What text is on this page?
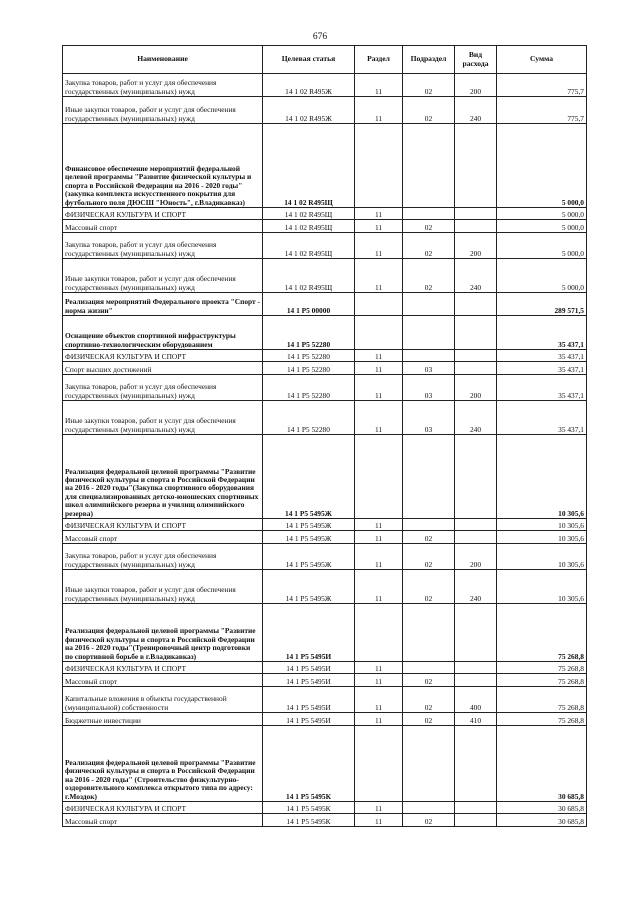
676
Наименование	Целевая статья	Раздел	Подраздел	Вид расхода	Сумма
Закупка товаров, работ и услуг для обеспечения государственных (муниципальных) нужд	14 1 02 R495Ж	11	02	200	775,7
Иные закупки товаров, работ и услуг для обеспечения государственных (муниципальных) нужд	14 1 02 R495Ж	11	02	240	775,7
Финансовое обеспечение мероприятий федеральной целевой программы "Развитие физической культуры и спорта в Российской Федерации на 2016 - 2020 годы" (закупка комплекта искусственного покрытия для футбольного поля ДЮСШ "Юность", г.Владикавказ)	14 1 02 R495Щ				5 000,0
ФИЗИЧЕСКАЯ КУЛЬТУРА И СПОРТ	14 1 02 R495Щ	11			5 000,0
Массовый спорт	14 1 02 R495Щ	11	02		5 000,0
Закупка товаров, работ и услуг для обеспечения государственных (муниципальных) нужд	14 1 02 R495Щ	11	02	200	5 000,0
Иные закупки товаров, работ и услуг для обеспечения государственных (муниципальных) нужд	14 1 02 R495Щ	11	02	240	5 000,0
Реализация мероприятий Федерального проекта "Спорт - норма жизни"	14 1 P5 00000				289 571,5
Оснащение объектов спортивной инфраструктуры спортивно-технологическим оборудованием	14 1 P5 52280				35 437,1
ФИЗИЧЕСКАЯ КУЛЬТУРА И СПОРТ	14 1 P5 52280	11			35 437,1
Спорт высших достижений	14 1 P5 52280	11	03		35 437,1
Закупка товаров, работ и услуг для обеспечения государственных (муниципальных) нужд	14 1 P5 52280	11	03	200	35 437,1
Иные закупки товаров, работ и услуг для обеспечения государственных (муниципальных) нужд	14 1 P5 52280	11	03	240	35 437,1
Реализация федеральной целевой программы "Развитие физической культуры и спорта в Российской Федерации на 2016 - 2020 годы"(Закупка спортивного оборудования для специализированных детско-юношеских спортивных школ олимпийского резерва и училищ олимпийского резерва)	14 1 P5 5495Ж				10 305,6
ФИЗИЧЕСКАЯ КУЛЬТУРА И СПОРТ	14 1 P5 5495Ж	11			10 305,6
Массовый спорт	14 1 P5 5495Ж	11	02		10 305,6
Закупка товаров, работ и услуг для обеспечения государственных (муниципальных) нужд	14 1 P5 5495Ж	11	02	200	10 305,6
Иные закупки товаров, работ и услуг для обеспечения государственных (муниципальных) нужд	14 1 P5 5495Ж	11	02	240	10 305,6
Реализация федеральной целевой программы "Развитие физической культуры и спорта в Российской Федерации на 2016 - 2020 годы"(Тренировочный центр подготовки по спортивной борьбе в г.Владикавказ)	14 1 P5 5495И				75 268,8
ФИЗИЧЕСКАЯ КУЛЬТУРА И СПОРТ	14 1 P5 5495И	11			75 268,8
Массовый спорт	14 1 P5 5495И	11	02		75 268,8
Капитальные вложения в объекты государственной (муниципальной) собственности	14 1 P5 5495И	11	02	400	75 268,8
Бюджетные инвестиции	14 1 P5 5495И	11	02	410	75 268,8
Реализация федеральной целевой программы "Развитие физической культуры и спорта в Российской Федерации на 2016 - 2020 годы" (Строительство физкультурно-оздоровительного комплекса открытого типа по адресу: г.Моздок)	14 1 P5 5495К				30 685,8
ФИЗИЧЕСКАЯ КУЛЬТУРА И СПОРТ	14 1 P5 5495К	11			30 685,8
Массовый спорт	14 1 P5 5495К	11	02		30 685,8
